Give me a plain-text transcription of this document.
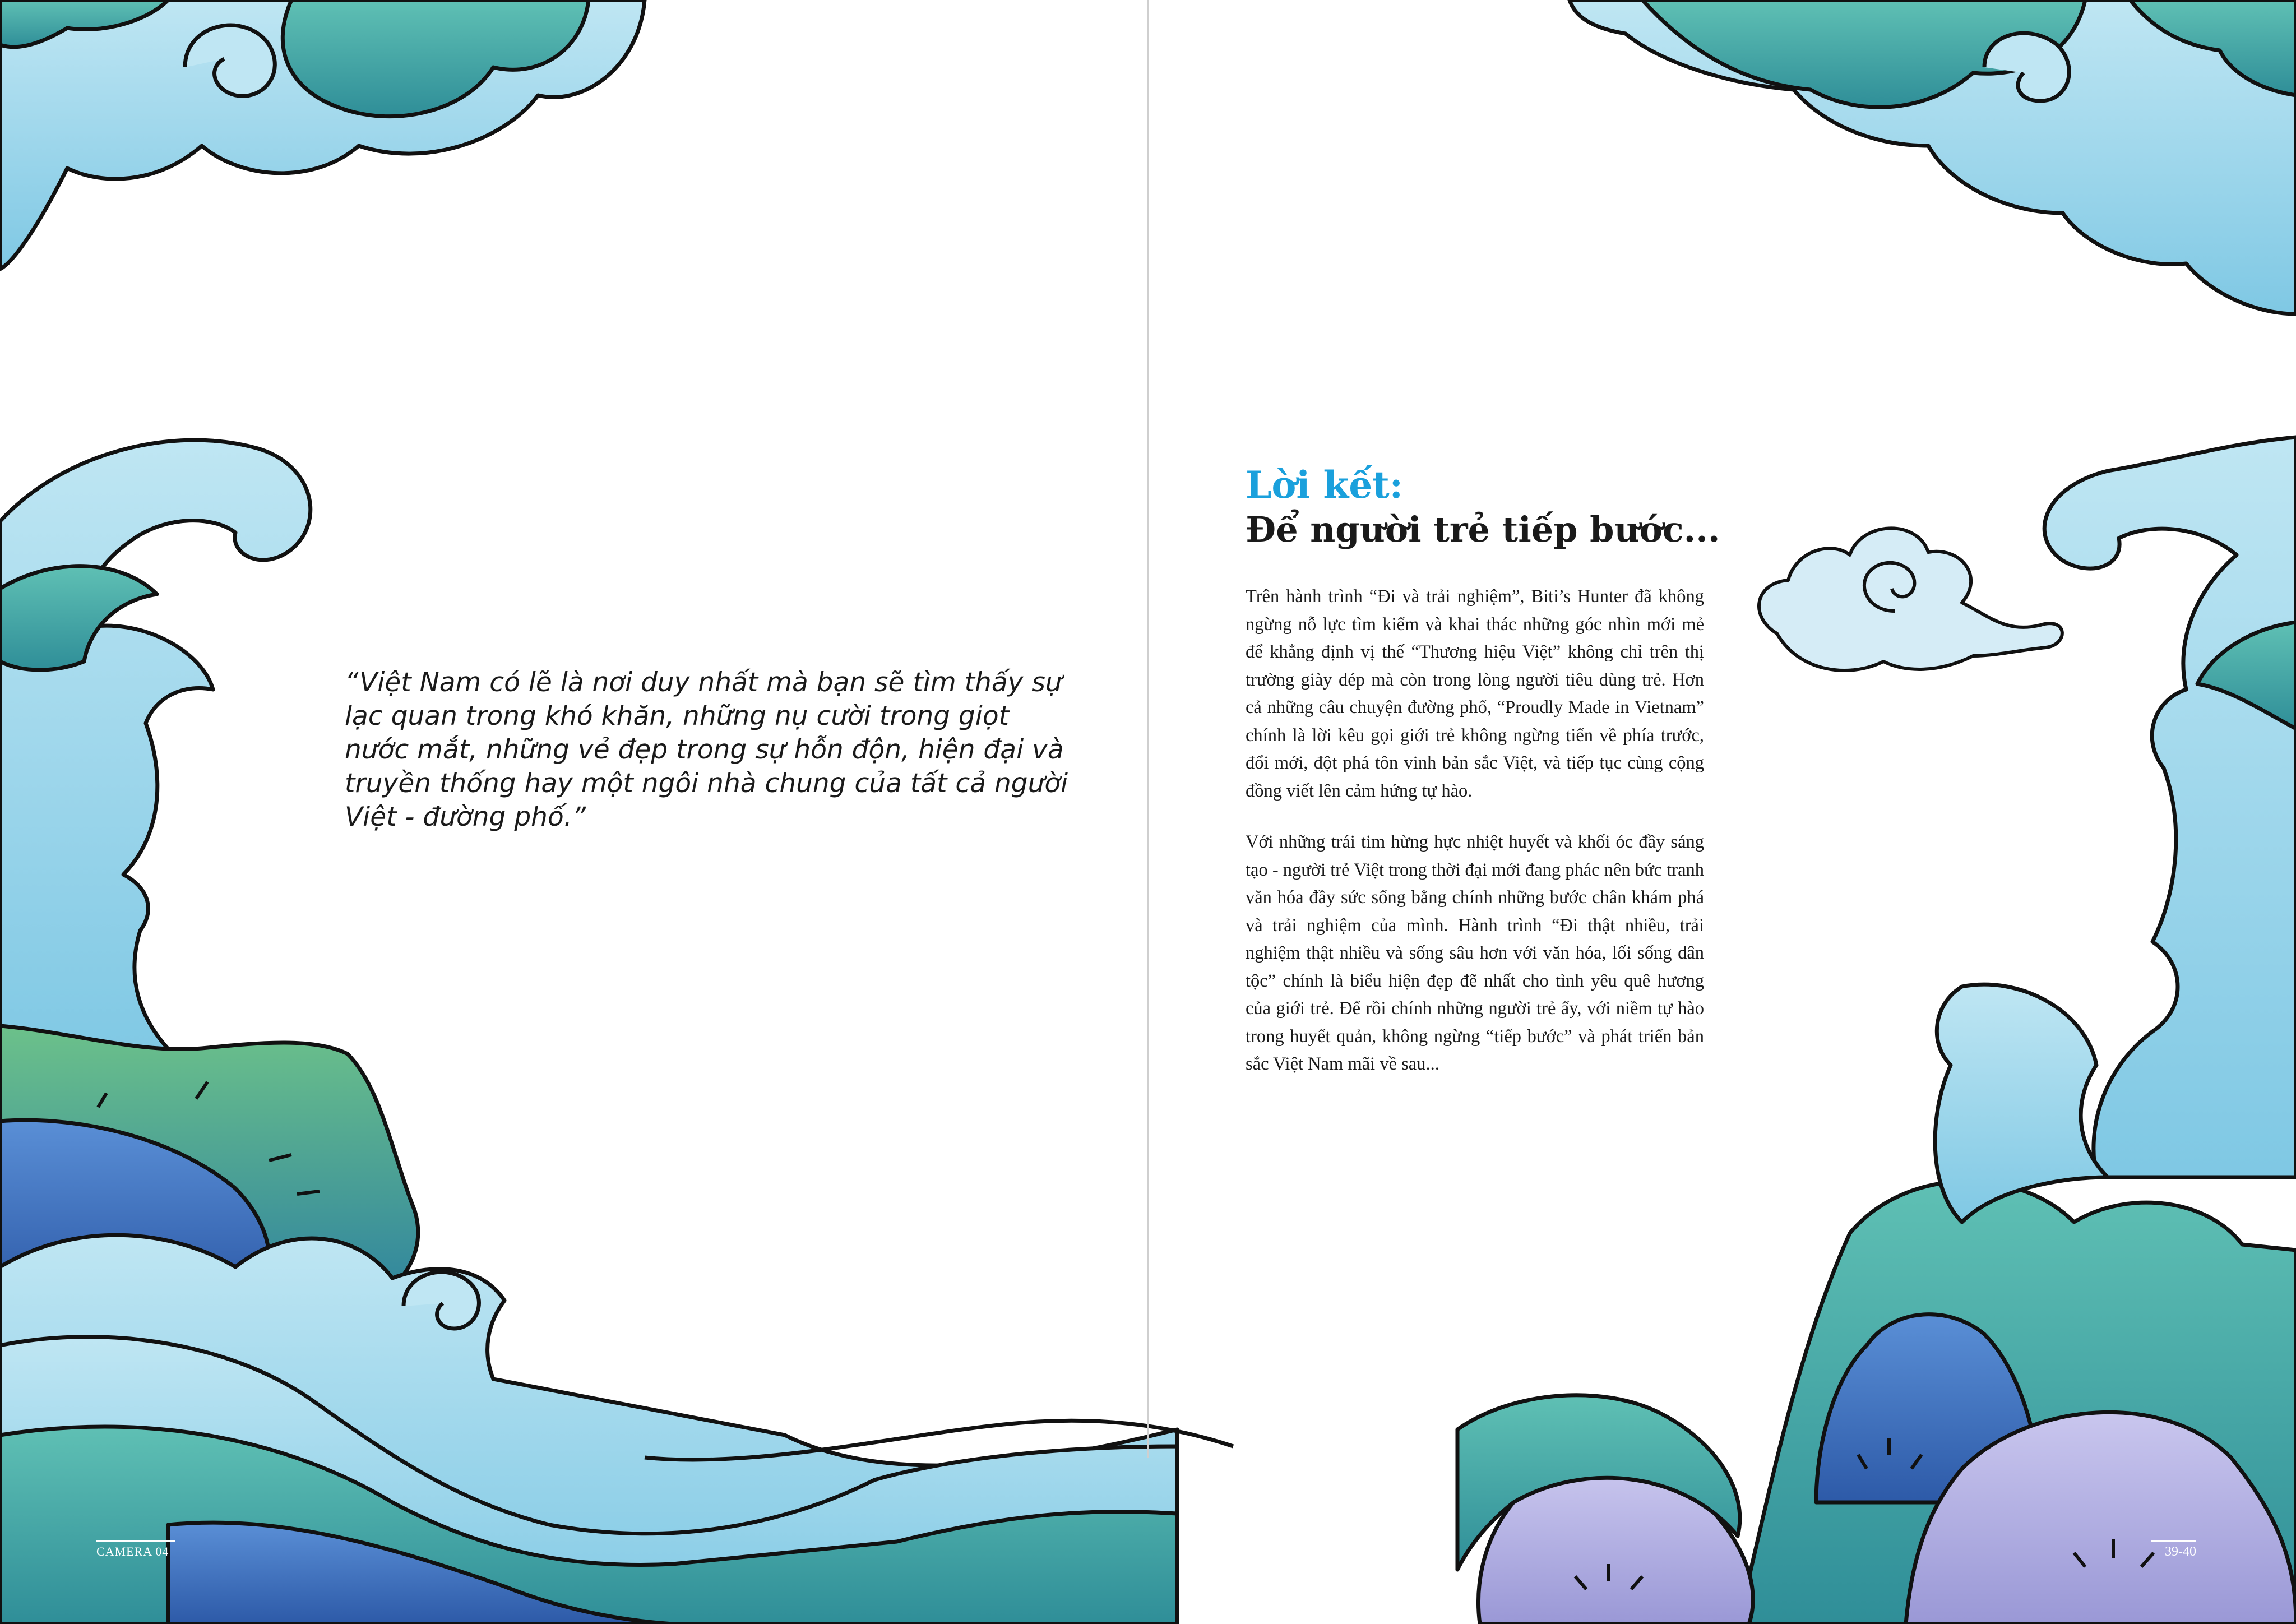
“Việt Nam có lẽ là nơi duy nhất mà bạn sẽ tìm thấy sự lạc quan trong khó khăn, những nụ cười trong giọt nước mắt, những vẻ đẹp trong sự hỗn độn, hiện đại và truyền thống hay một ngôi nhà chung của tất cả người Việt - đường phố.”
Lời kết:
Để người trẻ tiếp bước...

Trên hành trình “Đi và trải nghiệm”, Biti’s Hunter đã không ngừng nỗ lực tìm kiếm và khai thác những góc nhìn mới mẻ để khẳng định vị thế “Thương hiệu Việt” không chỉ trên thị trường giày dép mà còn trong lòng người tiêu dùng trẻ. Hơn cả những câu chuyện đường phố, “Proudly Made in Vietnam” chính là lời kêu gọi giới trẻ không ngừng tiến về phía trước, đổi mới, đột phá tôn vinh bản sắc Việt, và tiếp tục cùng cộng đồng viết lên cảm hứng tự hào.

Với những trái tim hừng hực nhiệt huyết và khối óc đầy sáng tạo - người trẻ Việt trong thời đại mới đang phác nên bức tranh văn hóa đầy sức sống bằng chính những bước chân khám phá và trải nghiệm của mình. Hành trình “Đi thật nhiều, trải nghiệm thật nhiều và sống sâu hơn với văn hóa, lối sống dân tộc” chính là biểu hiện đẹp đẽ nhất cho tình yêu quê hương của giới trẻ. Để rồi chính những người trẻ ấy, với niềm tự hào trong huyết quản, không ngừng “tiếp bước” và phát triển bản sắc Việt Nam mãi về sau...

CAMERA 04	39-40
